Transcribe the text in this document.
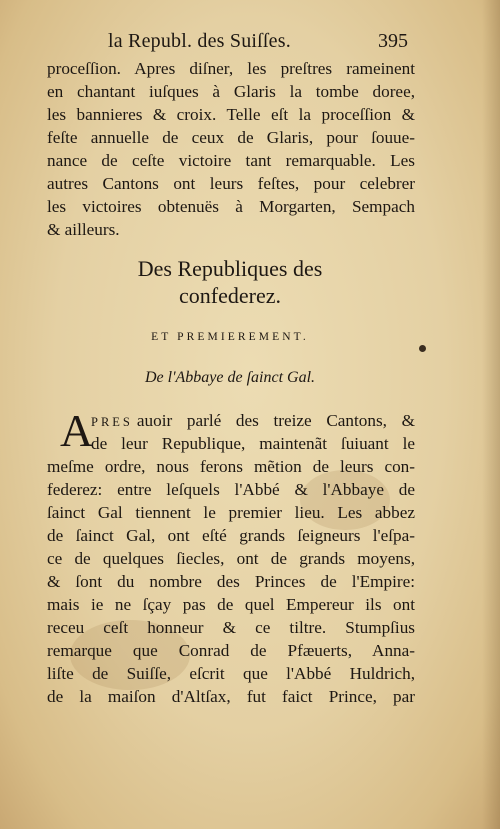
la Republ. des Suiſſes.	395
proceſſion. Apres diſner, les preſtres rameinent
en chantant iuſques à Glaris la tombe doree,
les bannieres & croix. Telle eſt la proceſſion &
feſte annuelle de ceux de Glaris, pour ſouue-
nance de ceſte victoire tant remarquable. Les
autres Cantons ont leurs feſtes, pour celebrer
les victoires obtenuës à Morgarten, Sempach
& ailleurs.
Des Republiques des
confederez.
ET PREMIEREMENT.
De l'Abbaye de ſainct Gal.
A
PRES auoir parlé des treize Cantons, &
de leur Republique, maintenãt ſuiuant le
meſme ordre, nous ferons mẽtion de leurs con-
federez: entre leſquels l'Abbé & l'Abbaye de
ſainct Gal tiennent le premier lieu. Les abbez
de ſainct Gal, ont eſté grands ſeigneurs l'eſpa-
ce de quelques ſiecles, ont de grands moyens,
& ſont du nombre des Princes de l'Empire:
mais ie ne ſçay pas de quel Empereur ils ont
receu ceſt honneur & ce tiltre. Stumpſius
remarque que Conrad de Pfæuerts, Anna-
liſte de Suiſſe, eſcrit que l'Abbé Huldrich,
de la maiſon d'Altſax, fut faict Prince, par
